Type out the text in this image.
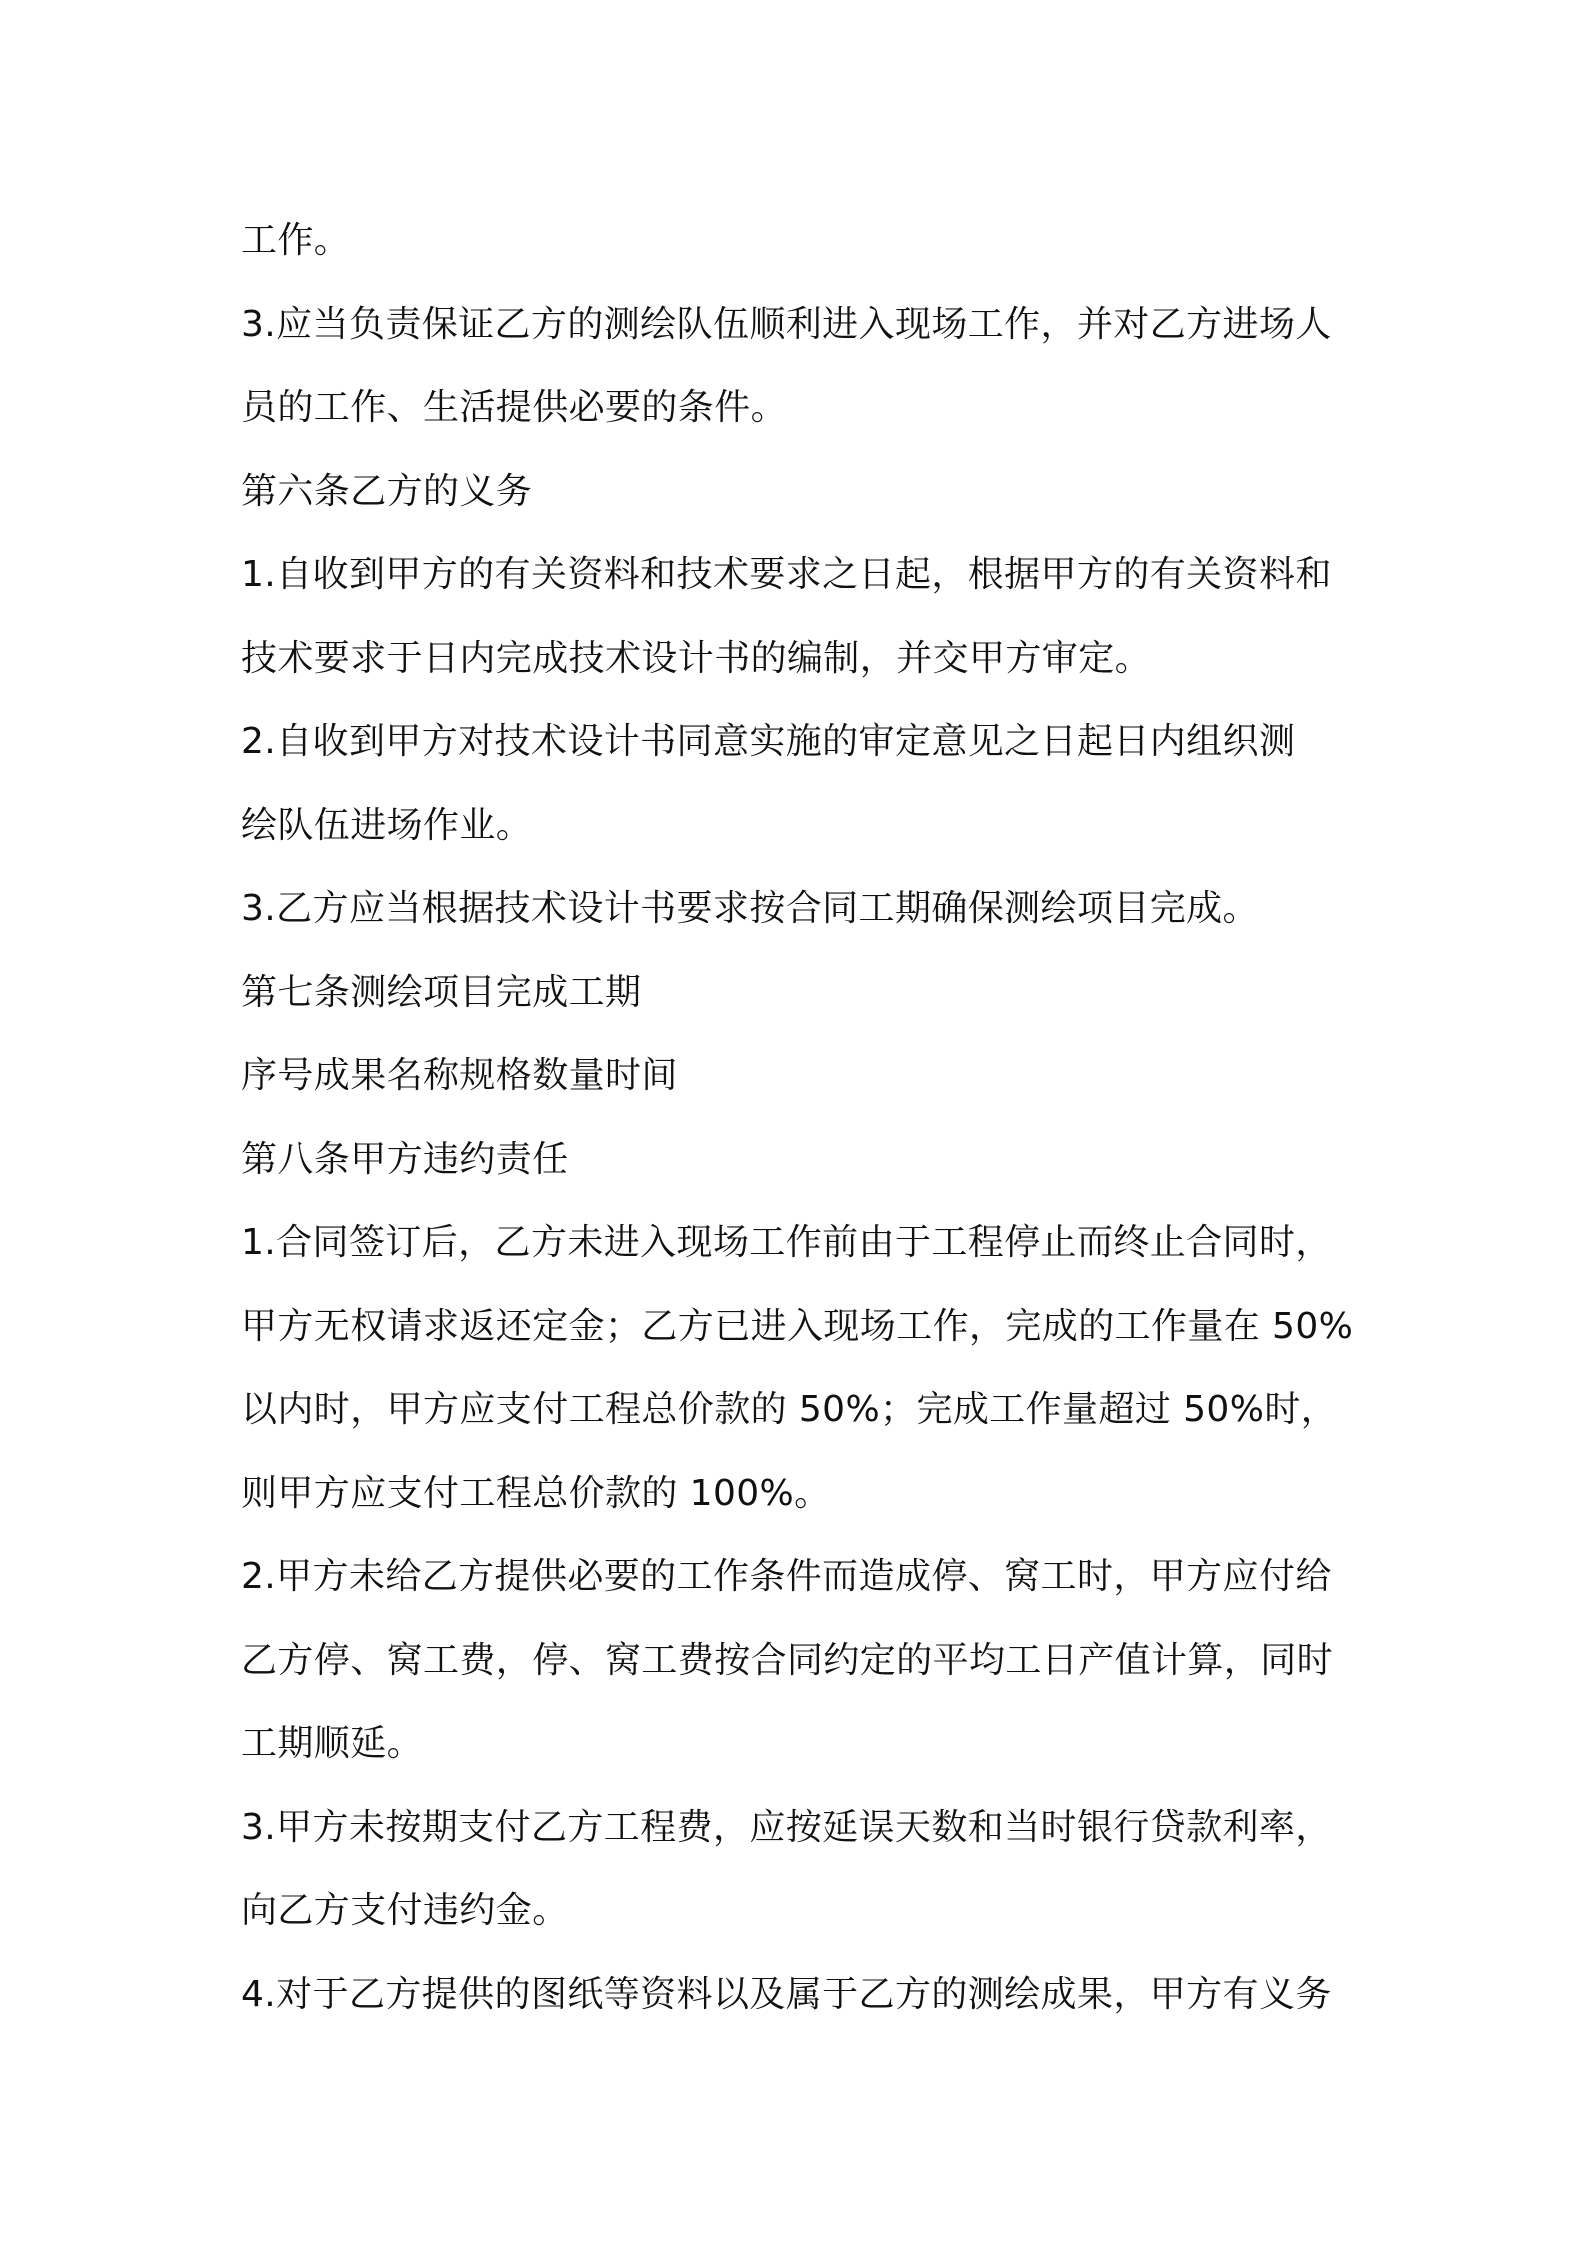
工作。
3.应当负责保证乙方的测绘队伍顺利进入现场工作，并对乙方进场人
员的工作、生活提供必要的条件。
第六条乙方的义务
1.自收到甲方的有关资料和技术要求之日起，根据甲方的有关资料和
技术要求于日内完成技术设计书的编制，并交甲方审定。
2.自收到甲方对技术设计书同意实施的审定意见之日起日内组织测
绘队伍进场作业。
3.乙方应当根据技术设计书要求按合同工期确保测绘项目完成。
第七条测绘项目完成工期
序号成果名称规格数量时间
第八条甲方违约责任
1.合同签订后，乙方未进入现场工作前由于工程停止而终止合同时，
甲方无权请求返还定金；乙方已进入现场工作，完成的工作量在 50%
以内时，甲方应支付工程总价款的 50%；完成工作量超过 50%时，
则甲方应支付工程总价款的 100%。
2.甲方未给乙方提供必要的工作条件而造成停、窝工时，甲方应付给
乙方停、窝工费，停、窝工费按合同约定的平均工日产值计算，同时
工期顺延。
3.甲方未按期支付乙方工程费，应按延误天数和当时银行贷款利率，
向乙方支付违约金。
4.对于乙方提供的图纸等资料以及属于乙方的测绘成果，甲方有义务
